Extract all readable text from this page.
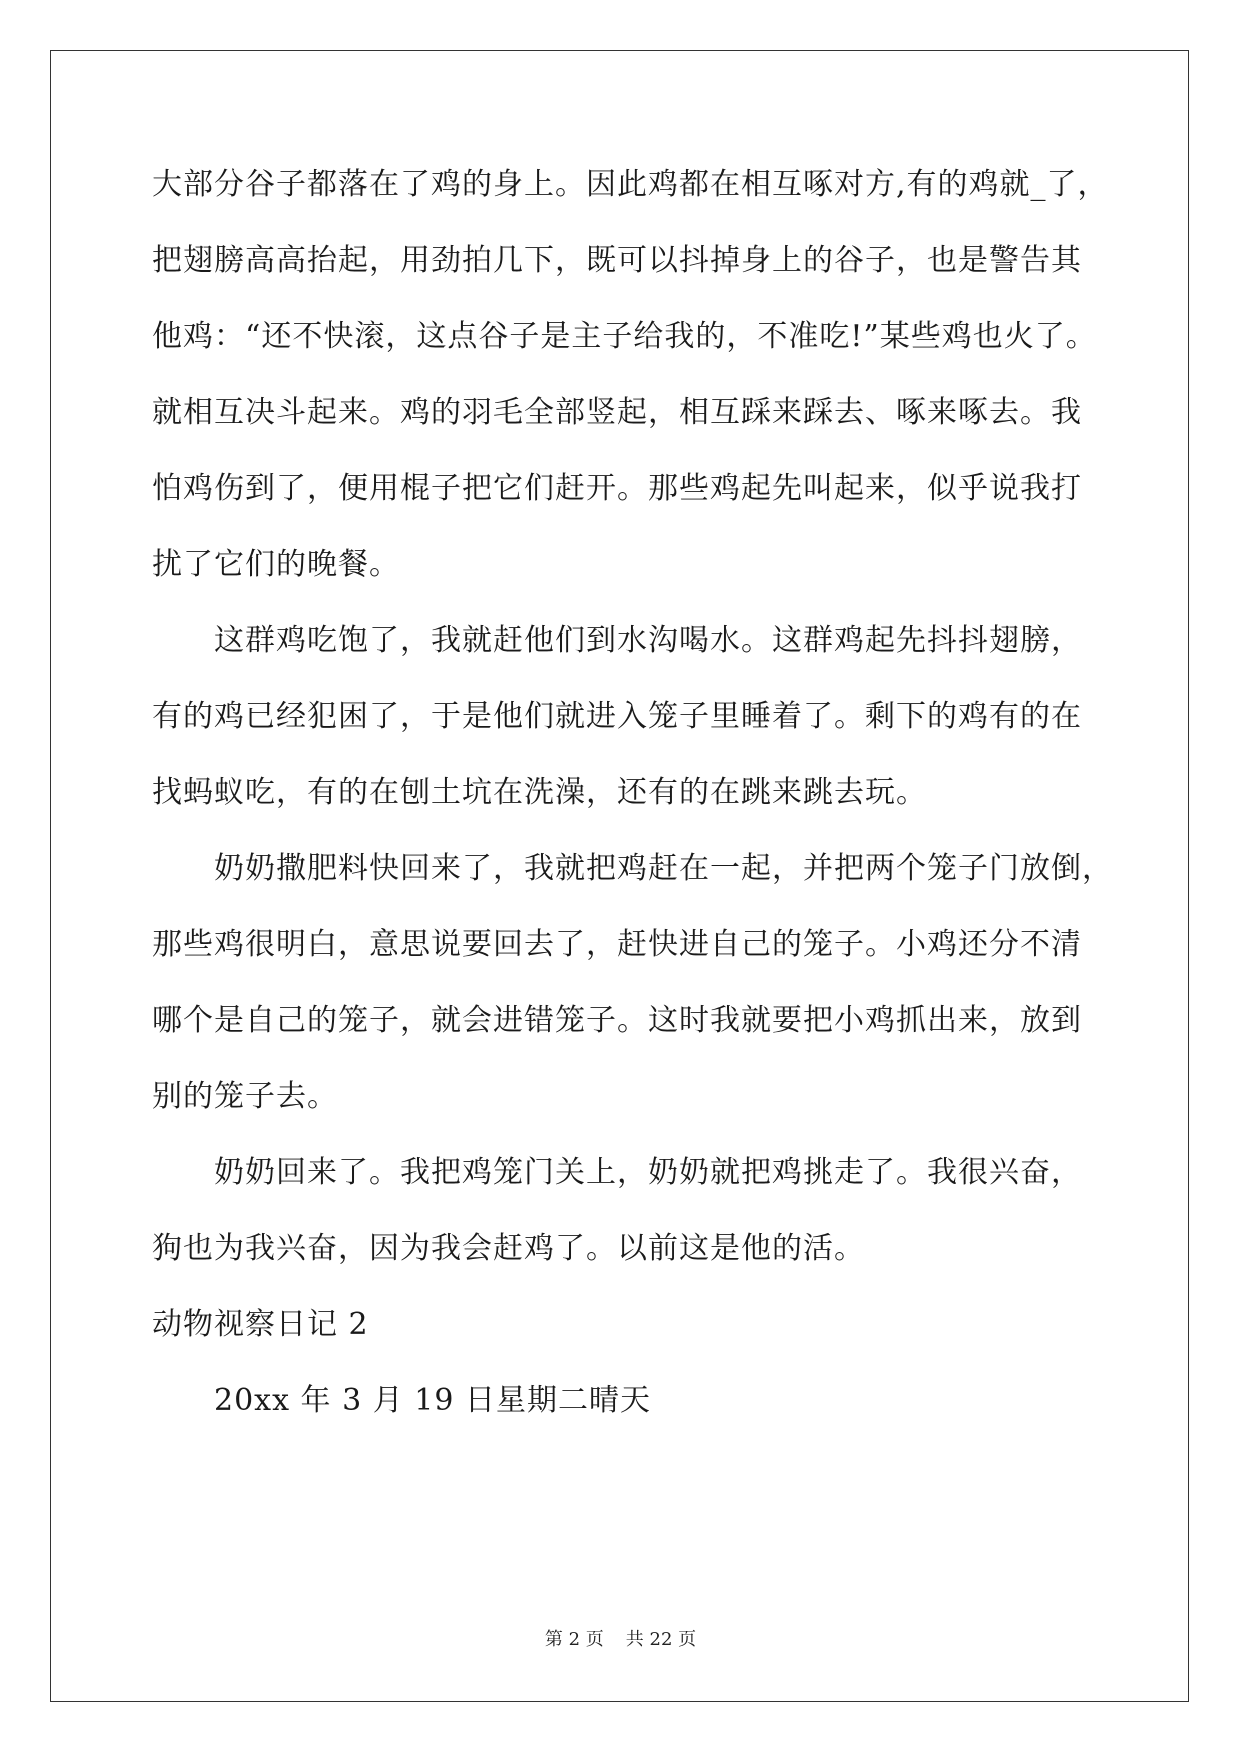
大部分谷子都落在了鸡的身上。因此鸡都在相互啄对方,有的鸡就_了，
把翅膀高高抬起，用劲拍几下，既可以抖掉身上的谷子，也是警告其
他鸡：“还不快滚，这点谷子是主子给我的，不准吃!”某些鸡也火了。
就相互决斗起来。鸡的羽毛全部竖起，相互踩来踩去、啄来啄去。我
怕鸡伤到了，便用棍子把它们赶开。那些鸡起先叫起来，似乎说我打
扰了它们的晚餐。
这群鸡吃饱了，我就赶他们到水沟喝水。这群鸡起先抖抖翅膀，
有的鸡已经犯困了，于是他们就进入笼子里睡着了。剩下的鸡有的在
找蚂蚁吃，有的在刨土坑在洗澡，还有的在跳来跳去玩。
奶奶撒肥料快回来了，我就把鸡赶在一起，并把两个笼子门放倒，
那些鸡很明白，意思说要回去了，赶快进自己的笼子。小鸡还分不清
哪个是自己的笼子，就会进错笼子。这时我就要把小鸡抓出来，放到
别的笼子去。
奶奶回来了。我把鸡笼门关上，奶奶就把鸡挑走了。我很兴奋，
狗也为我兴奋，因为我会赶鸡了。以前这是他的活。
动物视察日记 2
20xx 年 3 月 19 日星期二晴天
第 2 页 共 22 页
